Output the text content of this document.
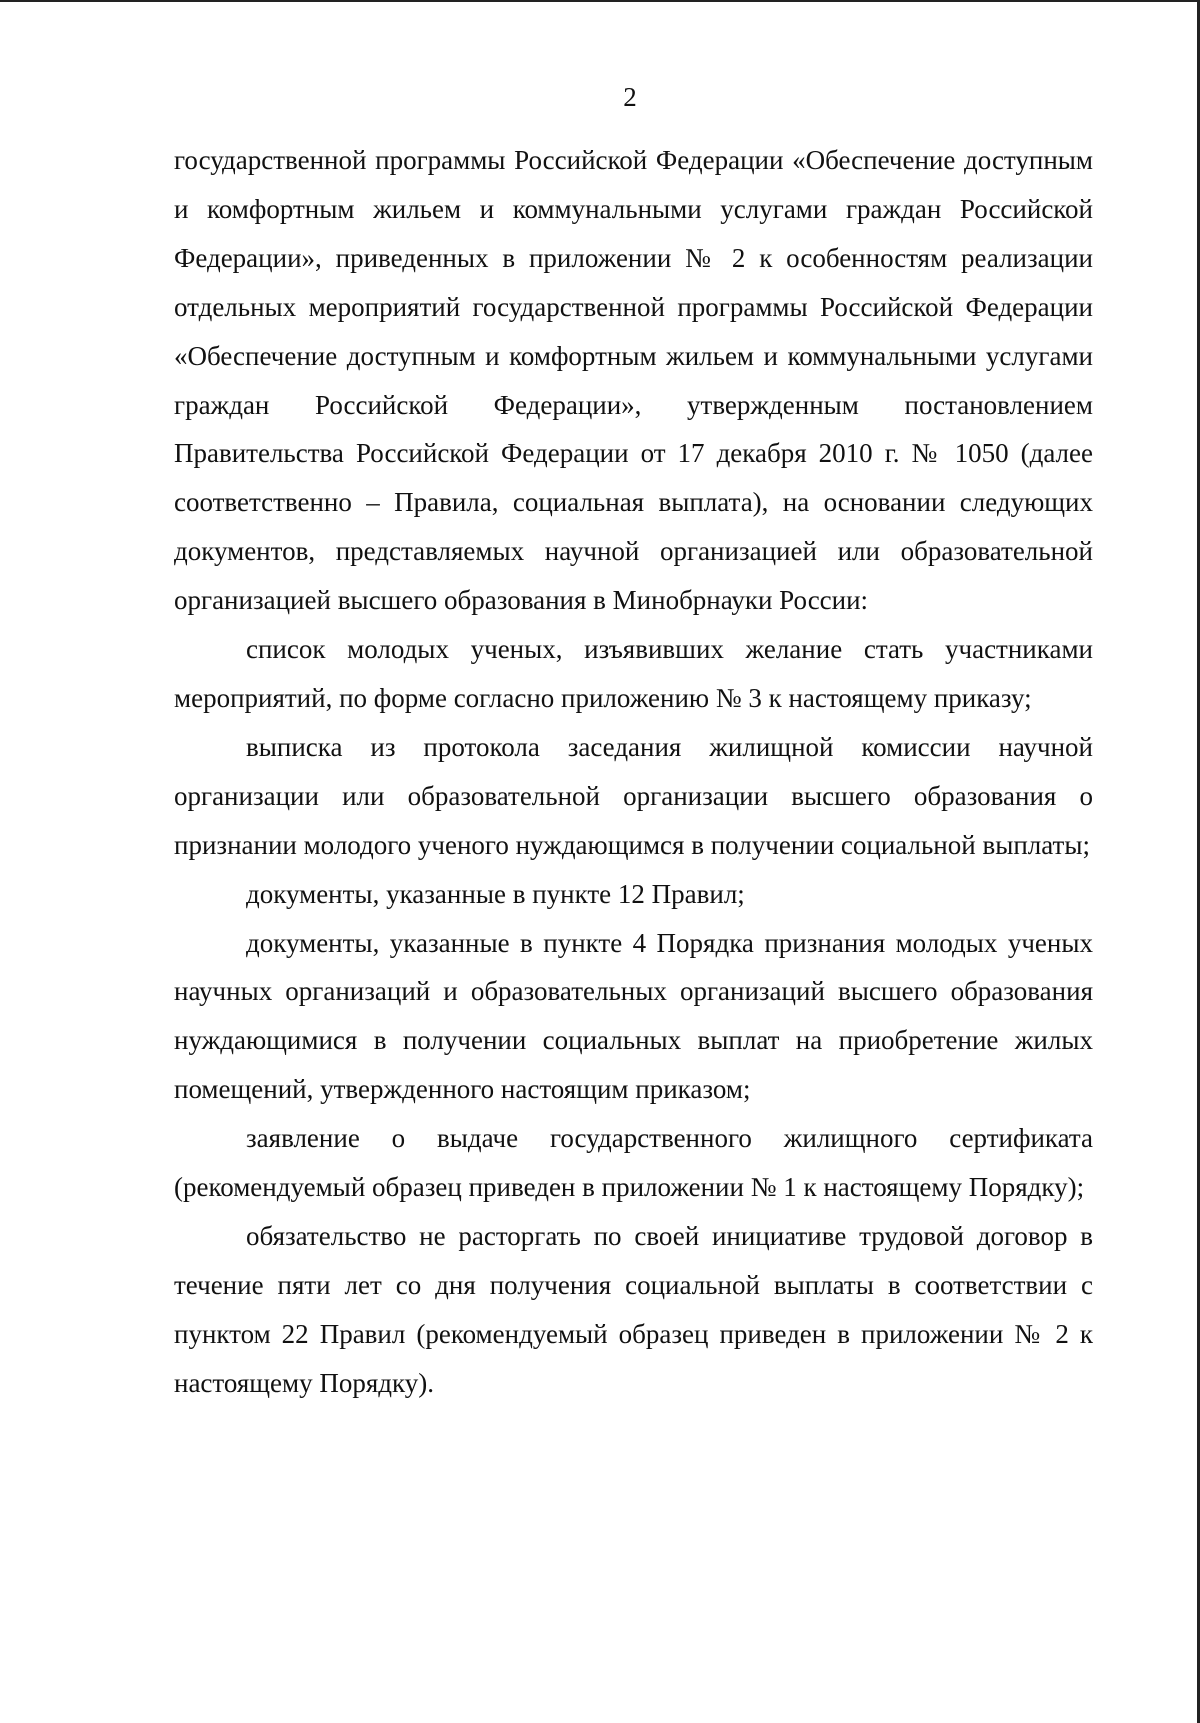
2

государственной программы Российской Федерации «Обеспечение доступным и комфортным жильем и коммунальными услугами граждан Российской Федерации», приведенных в приложении № 2 к особенностям реализации отдельных мероприятий государственной программы Российской Федерации «Обеспечение доступным и комфортным жильем и коммунальными услугами граждан Российской Федерации», утвержденным постановлением Правительства Российской Федерации от 17 декабря 2010 г. № 1050 (далее соответственно – Правила, социальная выплата), на основании следующих документов, представляемых научной организацией или образовательной организацией высшего образования в Минобрнауки России:

список молодых ученых, изъявивших желание стать участниками мероприятий, по форме согласно приложению № 3 к настоящему приказу;

выписка из протокола заседания жилищной комиссии научной организации или образовательной организации высшего образования о признании молодого ученого нуждающимся в получении социальной выплаты;

документы, указанные в пункте 12 Правил;

документы, указанные в пункте 4 Порядка признания молодых ученых научных организаций и образовательных организаций высшего образования нуждающимися в получении социальных выплат на приобретение жилых помещений, утвержденного настоящим приказом;

заявление о выдаче государственного жилищного сертификата (рекомендуемый образец приведен в приложении № 1 к настоящему Порядку);

обязательство не расторгать по своей инициативе трудовой договор в течение пяти лет со дня получения социальной выплаты в соответствии с пунктом 22 Правил (рекомендуемый образец приведен в приложении № 2 к настоящему Порядку).
